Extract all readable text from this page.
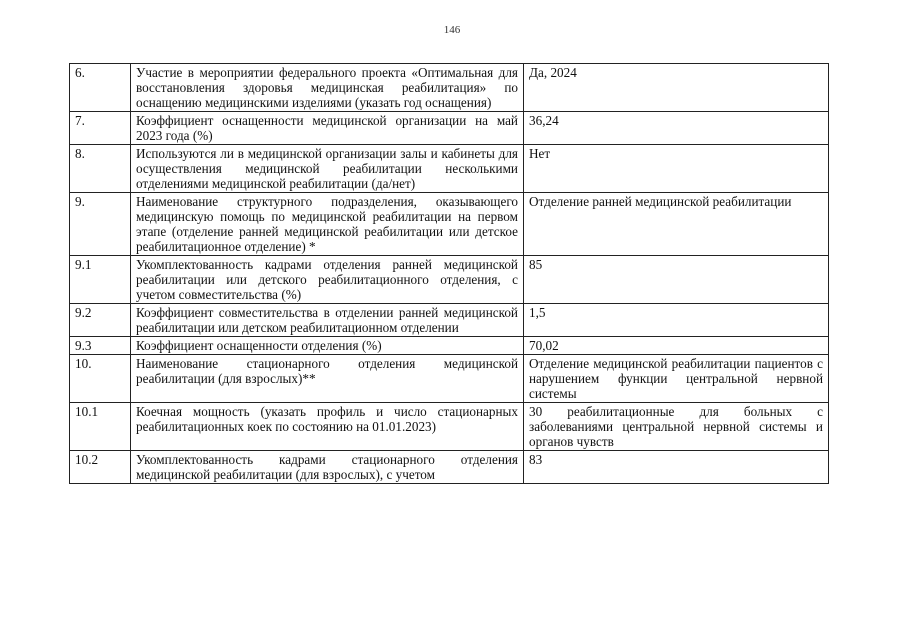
146
6.	Участие в мероприятии федерального проекта «Оптимальная для восстановления здоровья медицинская реабилитация» по оснащению медицинскими изделиями (указать год оснащения)	Да, 2024

7.	Коэффициент оснащенности медицинской организации на май 2023 года (%)	36,24

8.	Используются ли в медицинской организации залы и кабинеты для осуществления медицинской реабилитации несколькими отделениями медицинской реабилитации (да/нет)	Нет

9.	Наименование структурного подразделения, оказывающего медицинскую помощь по медицинской реабилитации на первом этапе (отделение ранней медицинской реабилитации или детское реабилитационное отделение) *	Отделение ранней медицинской реабилитации

9.1	Укомплектованность кадрами отделения ранней медицинской реабилитации или детского реабилитационного отделения, с учетом совместительства (%)	85

9.2	Коэффициент совместительства в отделении ранней медицинской реабилитации или детском реабилитационном отделении	1,5

9.3	Коэффициент оснащенности отделения (%)	70,02

10.	Наименование стационарного отделения медицинской реабилитации (для взрослых)**	Отделение медицинской реабилитации пациентов с нарушением функции центральной нервной системы

10.1	Коечная мощность (указать профиль и число стационарных реабилитационных коек по состоянию на 01.01.2023)	30 реабилитационные для больных с заболеваниями центральной нервной системы и органов чувств

10.2	Укомплектованность кадрами стационарного отделения медицинской реабилитации (для взрослых), с учетом	83
